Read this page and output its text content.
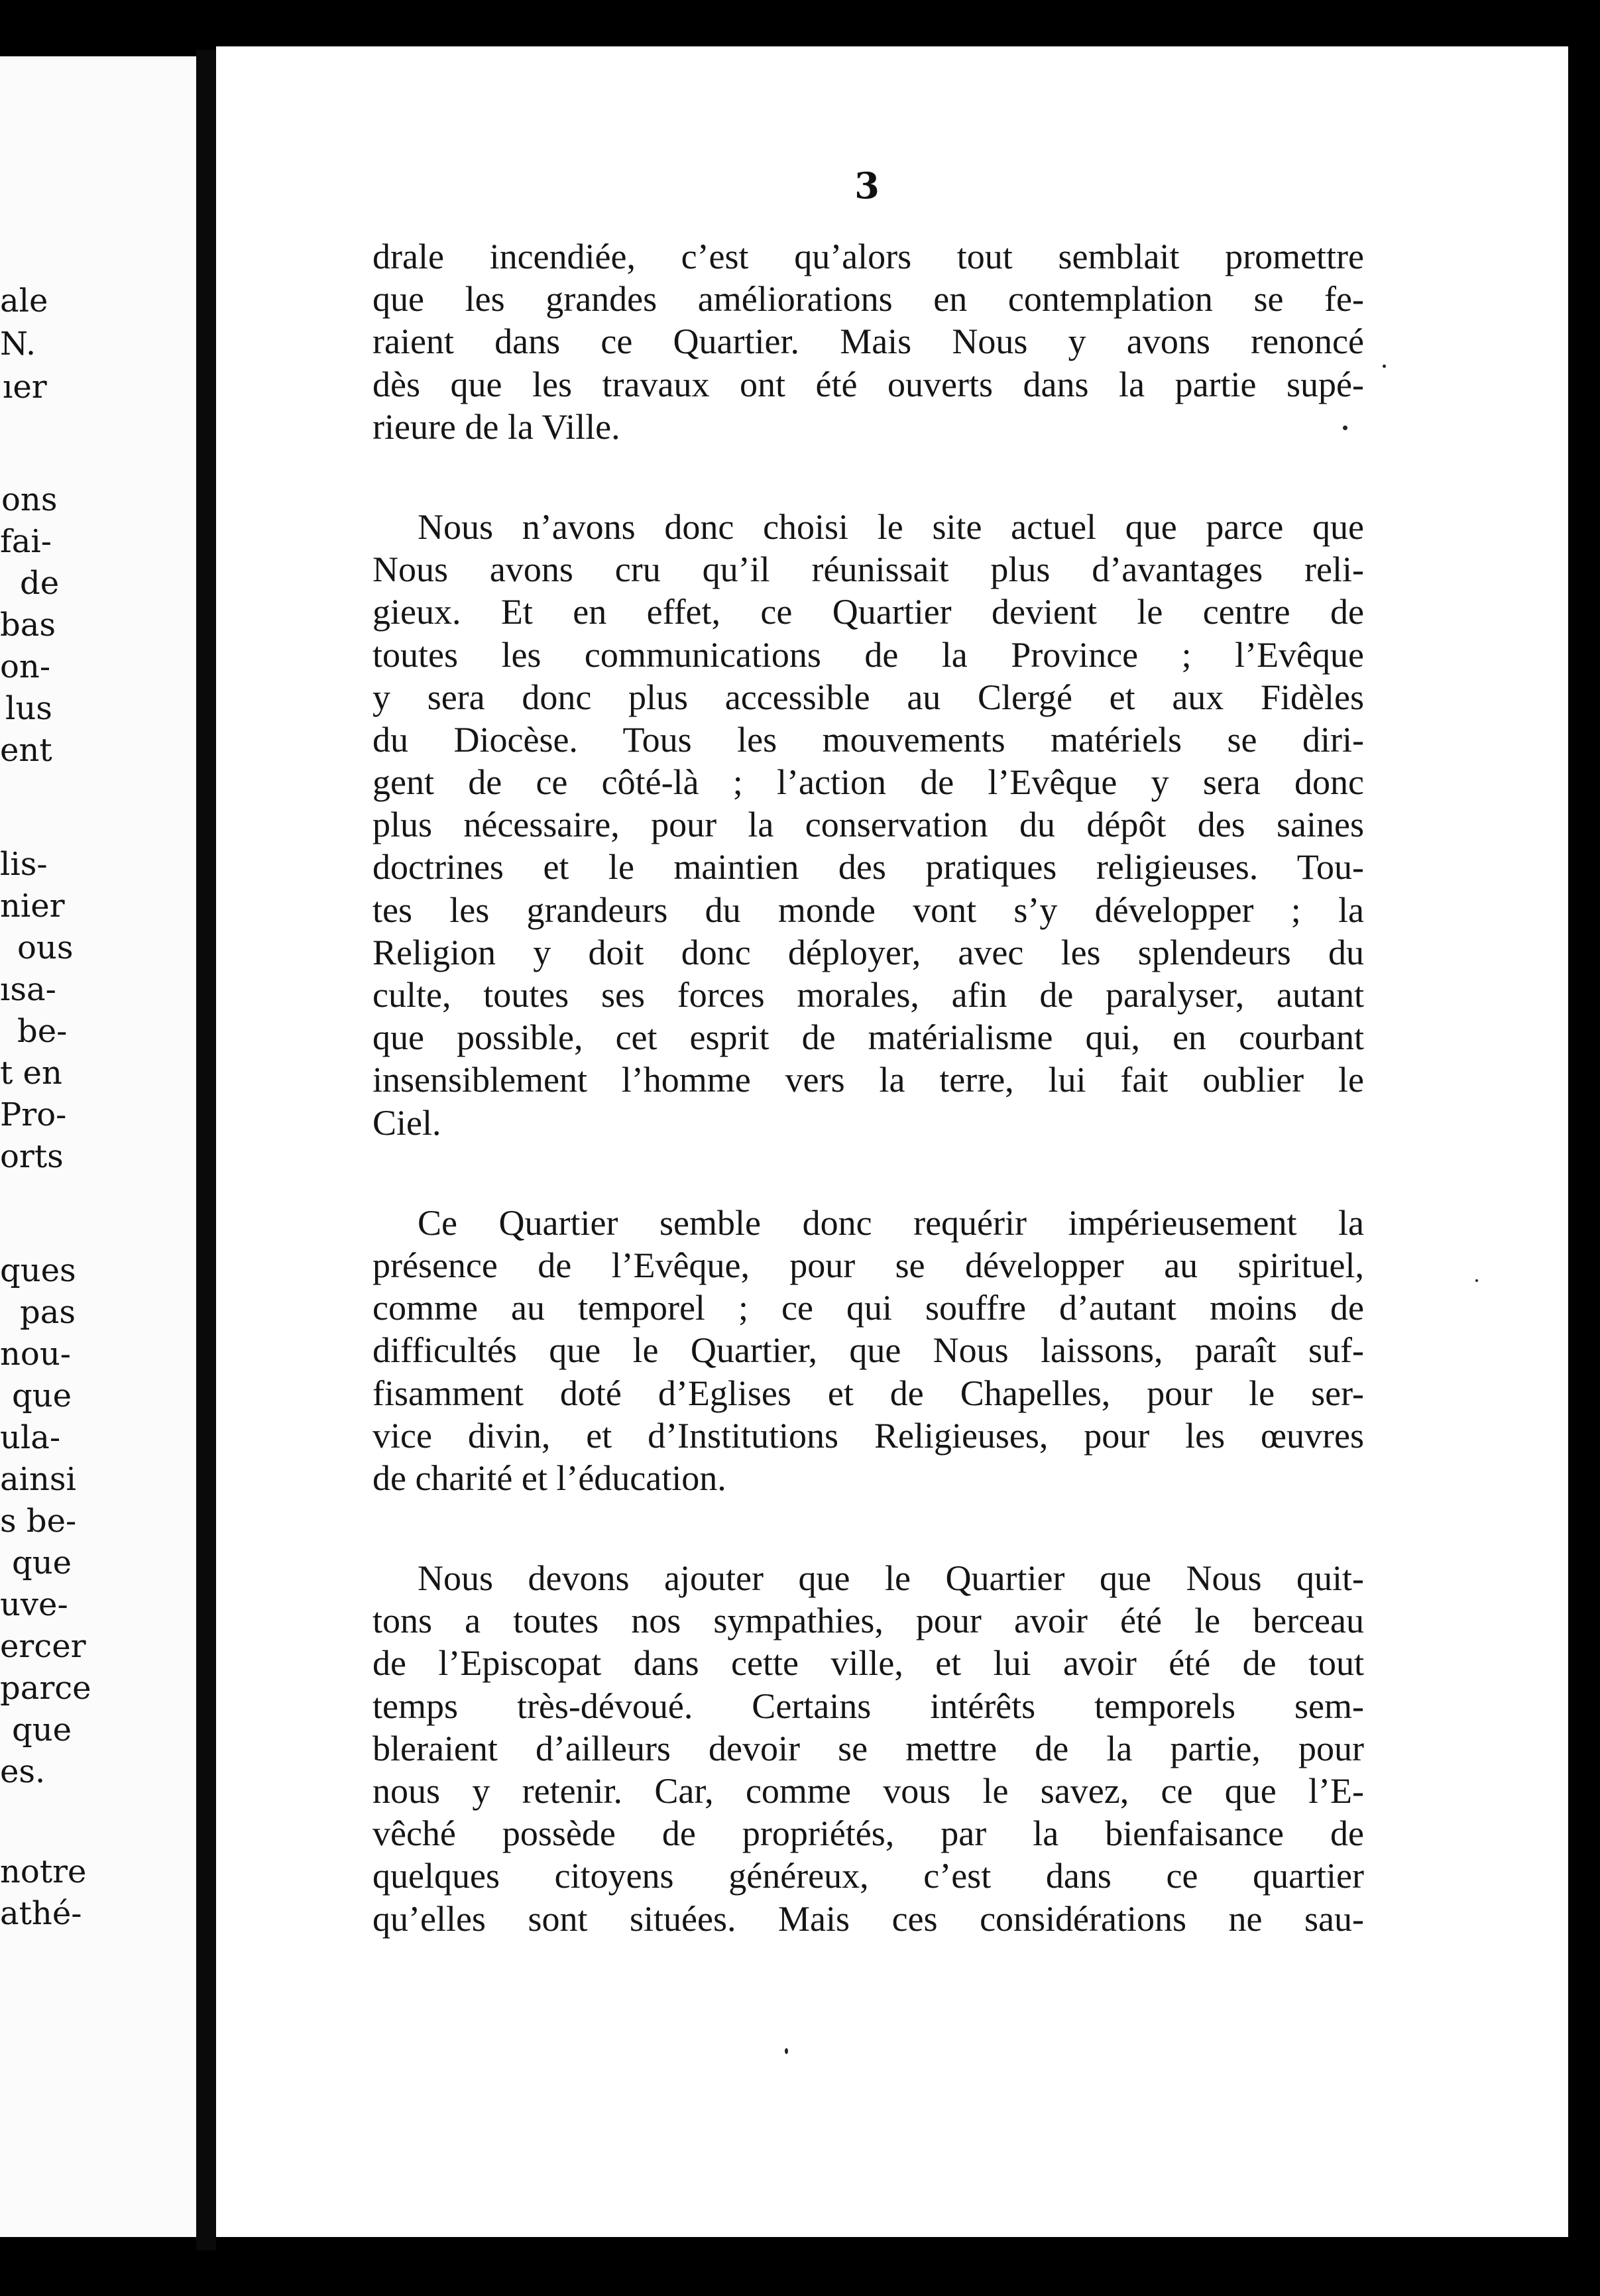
ale
N.
ıer
ons
fai-
de
bas
on-
lus
ent
lis-
nier
ous
ısa-
be-
t en
Pro-
orts
ques
pas
nou-
que
ula-
ainsi
s be-
que
uve-
ercer
parce
que
es.
notre
athé-
3
drale incendiée, c’est qu’alors tout semblait promettre
que les grandes améliorations en contemplation se fe-
raient dans ce Quartier. Mais Nous y avons renoncé
dès que les travaux ont été ouverts dans la partie supé-
rieure de la Ville.
Nous n’avons donc choisi le site actuel que parce que
Nous avons cru qu’il réunissait plus d’avantages reli-
gieux. Et en effet, ce Quartier devient le centre de
toutes les communications de la Province ; l’Evêque
y sera donc plus accessible au Clergé et aux Fidèles
du Diocèse. Tous les mouvements matériels se diri-
gent de ce côté-là ; l’action de l’Evêque y sera donc
plus nécessaire, pour la conservation du dépôt des saines
doctrines et le maintien des pratiques religieuses. Tou-
tes les grandeurs du monde vont s’y développer ; la
Religion y doit donc déployer, avec les splendeurs du
culte, toutes ses forces morales, afin de paralyser, autant
que possible, cet esprit de matérialisme qui, en courbant
insensiblement l’homme vers la terre, lui fait oublier le
Ciel.
Ce Quartier semble donc requérir impérieusement la
présence de l’Evêque, pour se développer au spirituel,
comme au temporel ; ce qui souffre d’autant moins de
difficultés que le Quartier, que Nous laissons, paraît suf-
fisamment doté d’Eglises et de Chapelles, pour le ser-
vice divin, et d’Institutions Religieuses, pour les œuvres
de charité et l’éducation.
Nous devons ajouter que le Quartier que Nous quit-
tons a toutes nos sympathies, pour avoir été le berceau
de l’Episcopat dans cette ville, et lui avoir été de tout
temps très-dévoué. Certains intérêts temporels sem-
bleraient d’ailleurs devoir se mettre de la partie, pour
nous y retenir. Car, comme vous le savez, ce que l’E-
vêché possède de propriétés, par la bienfaisance de
quelques citoyens généreux, c’est dans ce quartier
qu’elles sont situées. Mais ces considérations ne sau-
